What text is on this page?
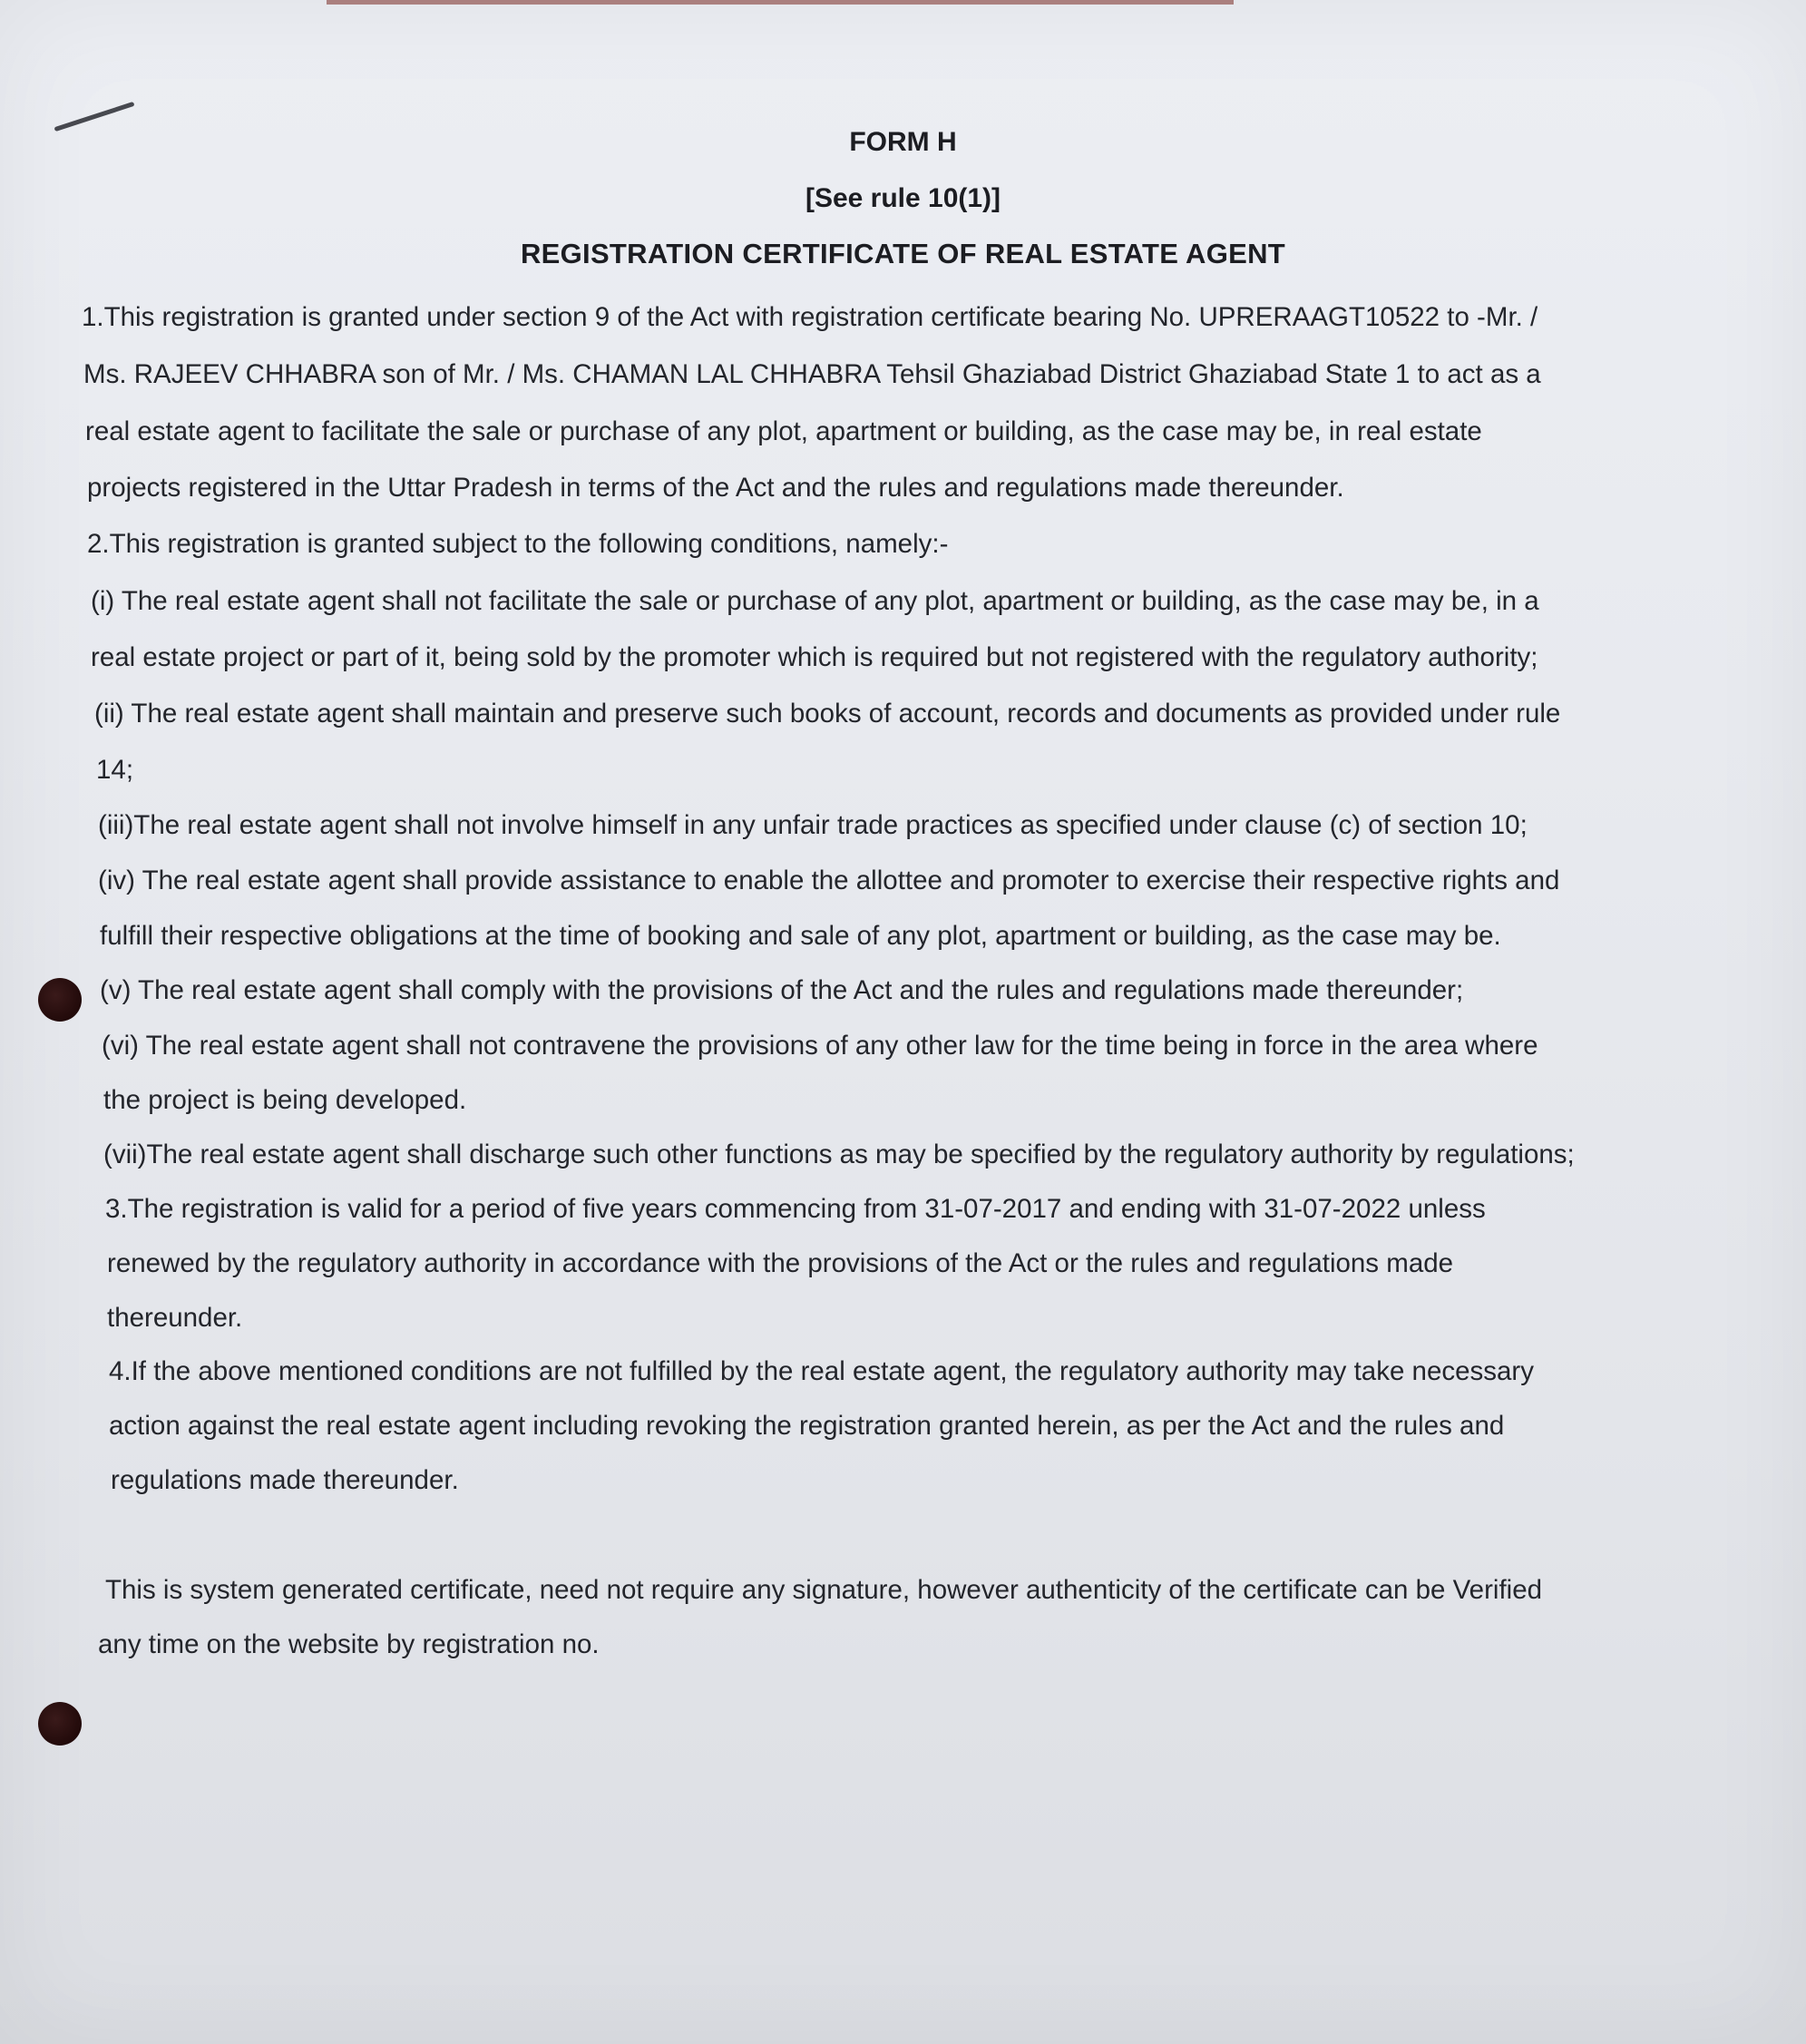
FORM H
[See rule 10(1)]
REGISTRATION CERTIFICATE OF REAL ESTATE AGENT
1.This registration is granted under section 9 of the Act with registration certificate bearing No. UPRERAAGT10522 to -Mr. /
Ms. RAJEEV CHHABRA son of Mr. / Ms. CHAMAN LAL CHHABRA Tehsil Ghaziabad District Ghaziabad State 1 to act as a
real estate agent to facilitate the sale or purchase of any plot, apartment or building, as the case may be, in real estate
projects registered in the Uttar Pradesh in terms of the Act and the rules and regulations made thereunder.
2.This registration is granted subject to the following conditions, namely:-
(i) The real estate agent shall not facilitate the sale or purchase of any plot, apartment or building, as the case may be, in a
real estate project or part of it, being sold by the promoter which is required but not registered with the regulatory authority;
(ii) The real estate agent shall maintain and preserve such books of account, records and documents as provided under rule
14;
(iii)The real estate agent shall not involve himself in any unfair trade practices as specified under clause (c) of section 10;
(iv) The real estate agent shall provide assistance to enable the allottee and promoter to exercise their respective rights and
fulfill their respective obligations at the time of booking and sale of any plot, apartment or building, as the case may be.
(v) The real estate agent shall comply with the provisions of the Act and the rules and regulations made thereunder;
(vi) The real estate agent shall not contravene the provisions of any other law for the time being in force in the area where
the project is being developed.
(vii)The real estate agent shall discharge such other functions as may be specified by the regulatory authority by regulations;
3.The registration is valid for a period of five years commencing from 31-07-2017 and ending with 31-07-2022 unless
renewed by the regulatory authority in accordance with the provisions of the Act or the rules and regulations made
thereunder.
4.If the above mentioned conditions are not fulfilled by the real estate agent, the regulatory authority may take necessary
action against the real estate agent including revoking the registration granted herein, as per the Act and the rules and
regulations made thereunder.
This is system generated certificate, need not require any signature, however authenticity of the certificate can be Verified
any time on the website by registration no.
